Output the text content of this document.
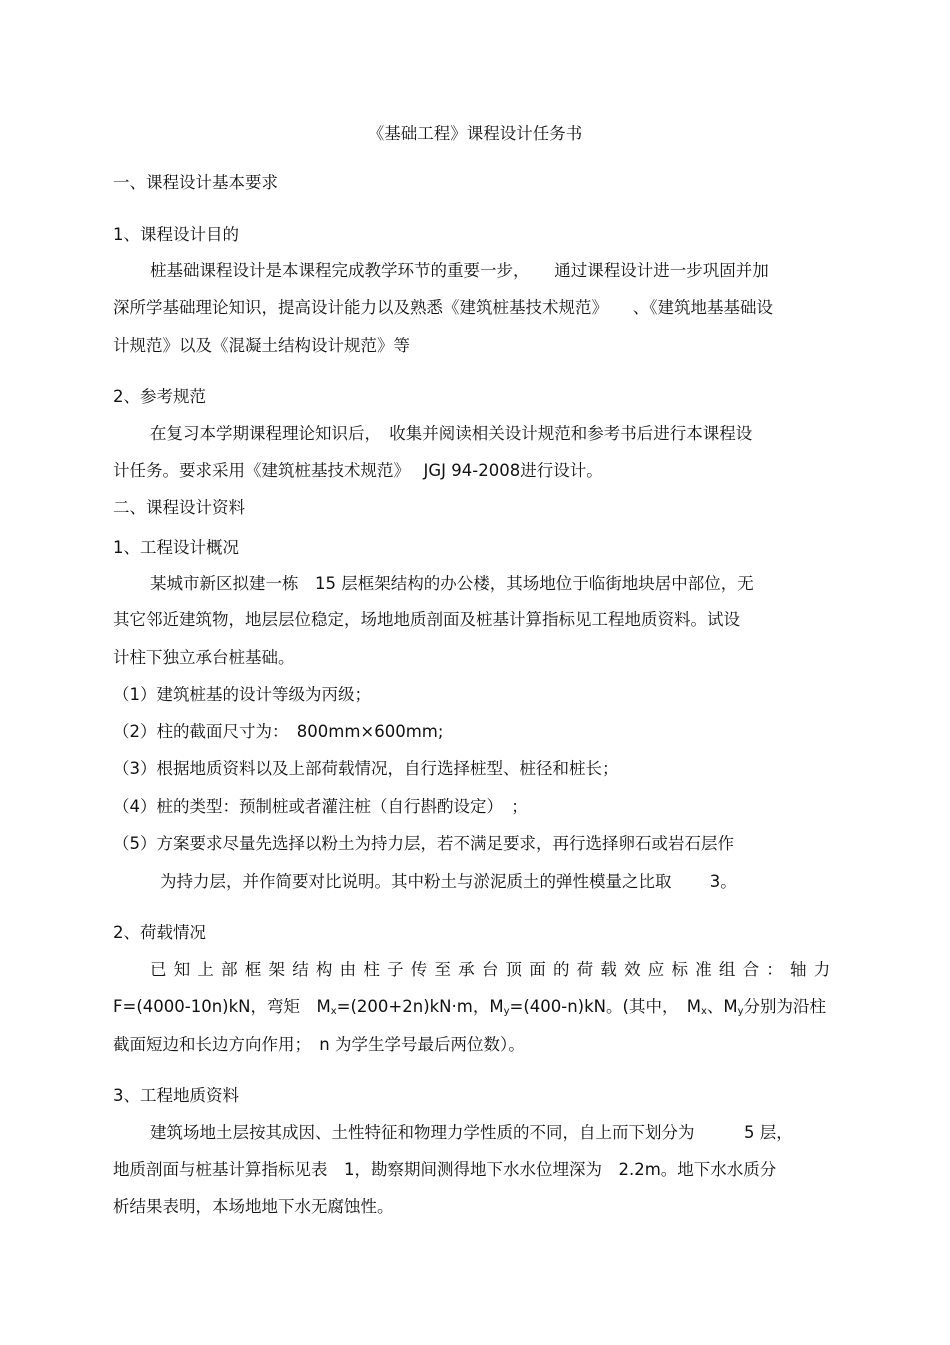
《基础工程》课程设计任务书
一、课程设计基本要求
1、课程设计目的
桩基础课程设计是本课程完成教学环节的重要一步，　　通过课程设计进一步巩固并加
深所学基础理论知识，提高设计能力以及熟悉《建筑桩基技术规范》　　、《建筑地基基础设
计规范》以及《混凝土结构设计规范》等
2、参考规范
在复习本学期课程理论知识后，　收集并阅读相关设计规范和参考书后进行本课程设
计任务。要求采用《建筑桩基技术规范》　 JGJ 94-2008进行设计。
二、课程设计资料
1、工程设计概况
某城市新区拟建一栋　15 层框架结构的办公楼，其场地位于临街地块居中部位，无
其它邻近建筑物，地层层位稳定，场地地质剖面及桩基计算指标见工程地质资料。试设
计柱下独立承台桩基础。
（1）建筑桩基的设计等级为丙级；
（2）柱的截面尺寸为：　800mm×600mm;
（3）根据地质资料以及上部荷载情况，自行选择桩型、桩径和桩长；
（4）桩的类型：预制桩或者灌注桩（自行斟酌设定）　；
（5）方案要求尽量先选择以粉土为持力层，若不满足要求，再行选择卵石或岩石层作
为持力层，并作简要对比说明。其中粉土与淤泥质土的弹性模量之比取　　 3。
2、荷载情况
已知上部框架结构由柱子传至承台顶面的荷载效应标准组合：轴力
F=(4000-10n)kN，弯矩　$M_x=(200+2n)kN\cdot m$，$M_y=(400-n)kN$。(其中，　$M_x$、$M_y$分别为沿柱
截面短边和长边方向作用；　n 为学生学号最后两位数）。
3、工程地质资料
建筑场地土层按其成因、土性特征和物理力学性质的不同，自上而下划分为　　　5 层，
地质剖面与桩基计算指标见表　1，勘察期间测得地下水水位埋深为　2.2m。地下水水质分
析结果表明，本场地地下水无腐蚀性。
